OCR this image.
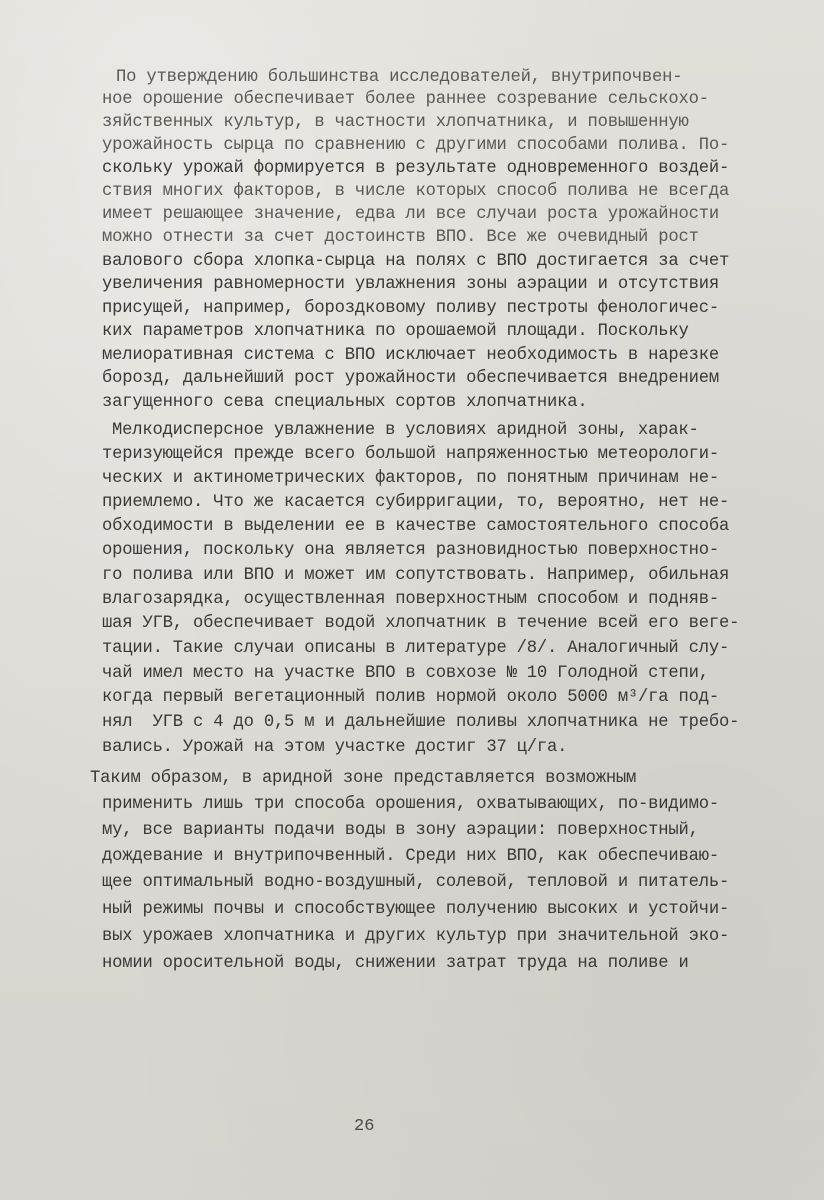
По утверждению большинства исследователей, внутрипочвен-
ное орошение обеспечивает более раннее созревание сельскохо-
зяйственных культур, в частности хлопчатника, и повышенную
урожайность сырца по сравнению с другими способами полива. По-
скольку урожай формируется в результате одновременного воздей-
ствия многих факторов, в числе которых способ полива не всегда
имеет решающее значение, едва ли все случаи роста урожайности
можно отнести за счет достоинств ВПО. Все же очевидный рост
валового сбора хлопка-сырца на полях с ВПО достигается за счет
увеличения равномерности увлажнения зоны аэрации и отсутствия
присущей, например, бороздковому поливу пестроты фенологичес-
ких параметров хлопчатника по орошаемой площади. Поскольку
мелиоративная система с ВПО исключает необходимость в нарезке
борозд, дальнейший рост урожайности обеспечивается внедрением
загущенного сева специальных сортов хлопчатника.
Мелкодисперсное увлажнение в условиях аридной зоны, харак-
теризующейся прежде всего большой напряженностью метеорологи-
ческих и актинометрических факторов, по понятным причинам не-
приемлемо. Что же касается субирригации, то, вероятно, нет не-
обходимости в выделении ее в качестве самостоятельного способа
орошения, поскольку она является разновидностью поверхностно-
го полива или ВПО и может им сопутствовать. Например, обильная
влагозарядка, осуществленная поверхностным способом и подняв-
шая УГВ, обеспечивает водой хлопчатник в течение всей его веге-
тации. Такие случаи описаны в литературе /8/. Аналогичный слу-
чай имел место на участке ВПО в совхозе № 10 Голодной степи,
когда первый вегетационный полив нормой около 5000 м³/га под-
нял  УГВ с 4 до 0,5 м и дальнейшие поливы хлопчатника не требо-
вались. Урожай на этом участке достиг 37 ц/га.
Таким образом, в аридной зоне представляется возможным
применить лишь три способа орошения, охватывающих, по-видимо-
му, все варианты подачи воды в зону аэрации: поверхностный,
дождевание и внутрипочвенный. Среди них ВПО, как обеспечиваю-
щее оптимальный водно-воздушный, солевой, тепловой и питатель-
ный режимы почвы и способствующее получению высоких и устойчи-
вых урожаев хлопчатника и других культур при значительной эко-
номии оросительной воды, снижении затрат труда на поливе и
26
